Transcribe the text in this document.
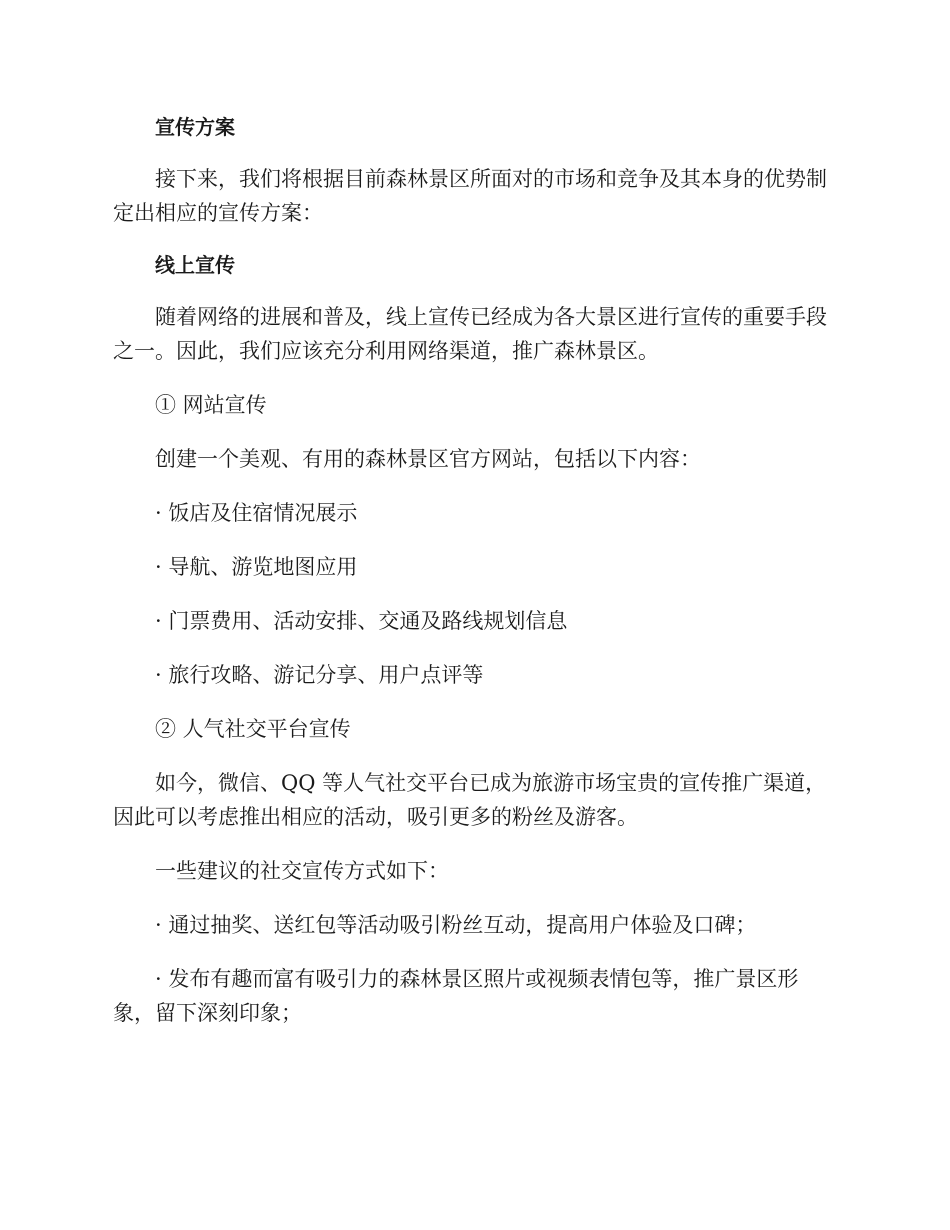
宣传方案

接下来，我们将根据目前森林景区所面对的市场和竞争及其本身的优势制定出相应的宣传方案：

线上宣传

随着网络的进展和普及，线上宣传已经成为各大景区进行宣传的重要手段之一。因此，我们应该充分利用网络渠道，推广森林景区。

① 网站宣传

创建一个美观、有用的森林景区官方网站，包括以下内容：

· 饭店及住宿情况展示

· 导航、游览地图应用

· 门票费用、活动安排、交通及路线规划信息

· 旅行攻略、游记分享、用户点评等

② 人气社交平台宣传

如今，微信、QQ 等人气社交平台已成为旅游市场宝贵的宣传推广渠道，因此可以考虑推出相应的活动，吸引更多的粉丝及游客。

一些建议的社交宣传方式如下：

· 通过抽奖、送红包等活动吸引粉丝互动，提高用户体验及口碑；

· 发布有趣而富有吸引力的森林景区照片或视频表情包等，推广景区形象，留下深刻印象；
